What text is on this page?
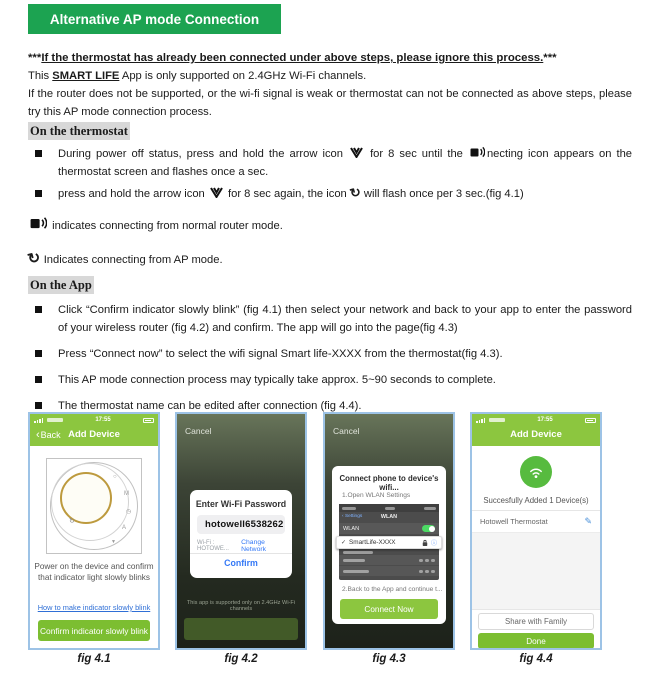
Alternative AP mode Connection

***If the thermostat has already been connected under above steps, please ignore this process.***

This SMART LIFE App is only supported on 2.4GHz Wi-Fi channels.

If the router does not be supported, or the wi-fi signal is weak or thermostat can not be connected as above steps, please try this AP mode connection process.

On the thermostat

During power off status, press and hold the arrow icon for 8 sec until the necting icon appears on the thermostat screen and flashes once a sec.

press and hold the arrow icon for 8 sec again, the icon ↻ will flash once per 3 sec.(fig 4.1)

indicates connecting from normal router mode.

↻ Indicates connecting from AP mode.

On the App

Click “Confirm indicator slowly blink” (fig 4.1) then select your network and back to your app to enter the password of your wireless router (fig 4.2) and confirm. The app will go into the page(fig 4.3)

Press “Connect now” to select the wifi signal Smart life-XXXX from the thermostat(fig 4.3).

This AP mode connection process may typically take approx. 5~90 seconds to complete.

The thermostat name can be edited after connection (fig 4.4).

17:55
‹Back Add Device
○
M
◷
A
▼
↻
Power on the device and confirm
that indicator light slowly blinks
How to make indicator slowly blink
Confirm indicator slowly blink
Cancel
Enter Wi-Fi Password
hotowell6538262
Wi-Fi : HOTOWE...
Change Network
Confirm
This app is supported only on 2.4GHz Wi-Fi channels
Cancel
Connect phone to device's wifi...
1.Open WLAN Settings
‹ Settings	WLAN
WLAN
✓ SmartLife-XXXX	ⓘ
2.Back to the App and continue t...
Connect Now
17:55
Add Device
Succesfully Added 1 Device(s)
Hotowell Thermostat	✎
Share with Family
Done
fig 4.1	fig 4.2	fig 4.3	fig 4.4
